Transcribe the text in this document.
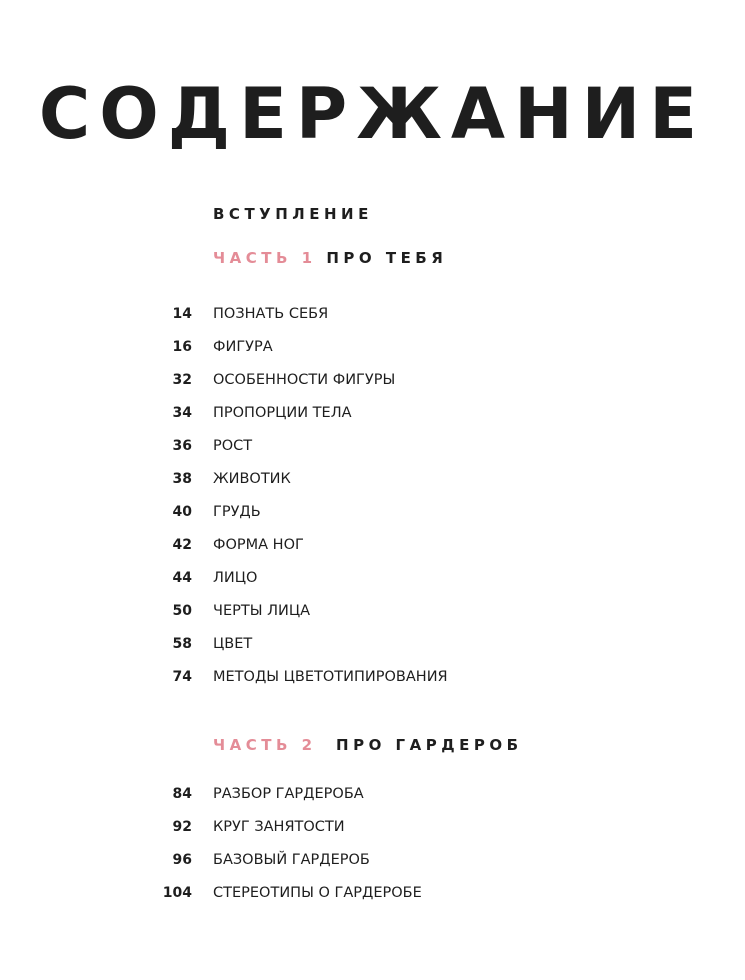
СОДЕРЖАНИЕ
ВСТУПЛЕНИЕ
ЧАСТЬ 1 ПРО ТЕБЯ
14 ПОЗНАТЬ СЕБЯ
16 ФИГУРА
32 ОСОБЕННОСТИ ФИГУРЫ
34 ПРОПОРЦИИ ТЕЛА
36 РОСТ
38 ЖИВОТИК
40 ГРУДЬ
42 ФОРМА НОГ
44 ЛИЦО
50 ЧЕРТЫ ЛИЦА
58 ЦВЕТ
74 МЕТОДЫ ЦВЕТОТИПИРОВАНИЯ
ЧАСТЬ 2 ПРО ГАРДЕРОБ
84 РАЗБОР ГАРДЕРОБА
92 КРУГ ЗАНЯТОСТИ
96 БАЗОВЫЙ ГАРДЕРОБ
104 СТЕРЕОТИПЫ О ГАРДЕРОБЕ
